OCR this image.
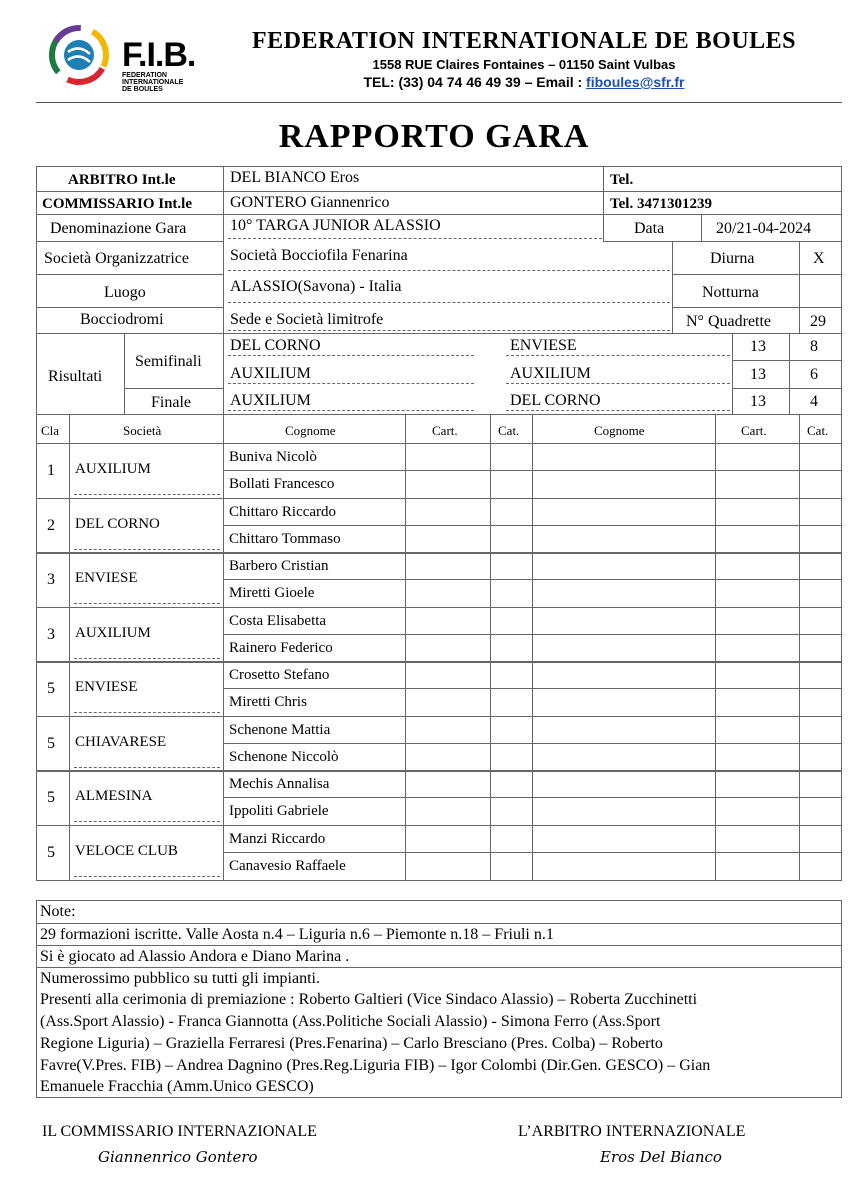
F.I.B.
FEDERATION
INTERNATIONALE
DE BOULES
FEDERATION INTERNATIONALE DE BOULES
1558 RUE Claires Fontaines – 01150 Saint Vulbas
TEL: (33) 04 74 46 49 39 – Email : fiboules@sfr.fr
RAPPORTO GARA
ARBITRO Int.le	DEL BIANCO Eros	Tel.
COMMISSARIO Int.le GONTERO Giannenrico	Tel. 3471301239
Denominazione Gara	10° TARGA JUNIOR ALASSIO	Data	20/21-04-2024
Società Organizzatrice	Società Bocciofila Fenarina	Diurna	X
Luogo	ALASSIO(Savona) - Italia	Notturna
Bocciodromi	Sede e Società limitrofe	N° Quadrette 29
Risultati
Semifinali
Finale
DEL CORNO	ENVIESE	13	8
AUXILIUM	AUXILIUM	13	6
AUXILIUM	DEL CORNO	13	4
Cla	Società	Cognome	Cart.	Cat.	Cognome	Cart.	Cat.
1 AUXILIUM
Buniva Nicolò
Bollati Francesco
2 DEL CORNO
Chittaro Riccardo
Chittaro Tommaso
3 ENVIESE
Barbero Cristian
Miretti Gioele
3 AUXILIUM
Costa Elisabetta
Rainero Federico
5 ENVIESE
Crosetto Stefano
Miretti Chris
5 CHIAVARESE
Schenone Mattia
Schenone Niccolò
5 ALMESINA
Mechis Annalisa
Ippoliti Gabriele
5 VELOCE CLUB
Manzi Riccardo
Canavesio Raffaele
Note:
29 formazioni iscritte. Valle Aosta n.4 – Liguria n.6 – Piemonte n.18 – Friuli n.1
Si è giocato ad Alassio Andora e Diano Marina .
Numerossimo pubblico su tutti gli impianti.
Presenti alla cerimonia di premiazione : Roberto Galtieri (Vice Sindaco Alassio) – Roberta Zucchinetti
(Ass.Sport Alassio) - Franca Giannotta (Ass.Politiche Sociali Alassio) - Simona Ferro (Ass.Sport
Regione Liguria) – Graziella Ferraresi (Pres.Fenarina) – Carlo Bresciano (Pres. Colba) – Roberto
Favre(V.Pres. FIB) – Andrea Dagnino (Pres.Reg.Liguria FIB) – Igor Colombi (Dir.Gen. GESCO) – Gian
Emanuele Fracchia (Amm.Unico GESCO)
IL COMMISSARIO INTERNAZIONALE
Giannenrico Gontero
L’ARBITRO INTERNAZIONALE
Eros Del Bianco
